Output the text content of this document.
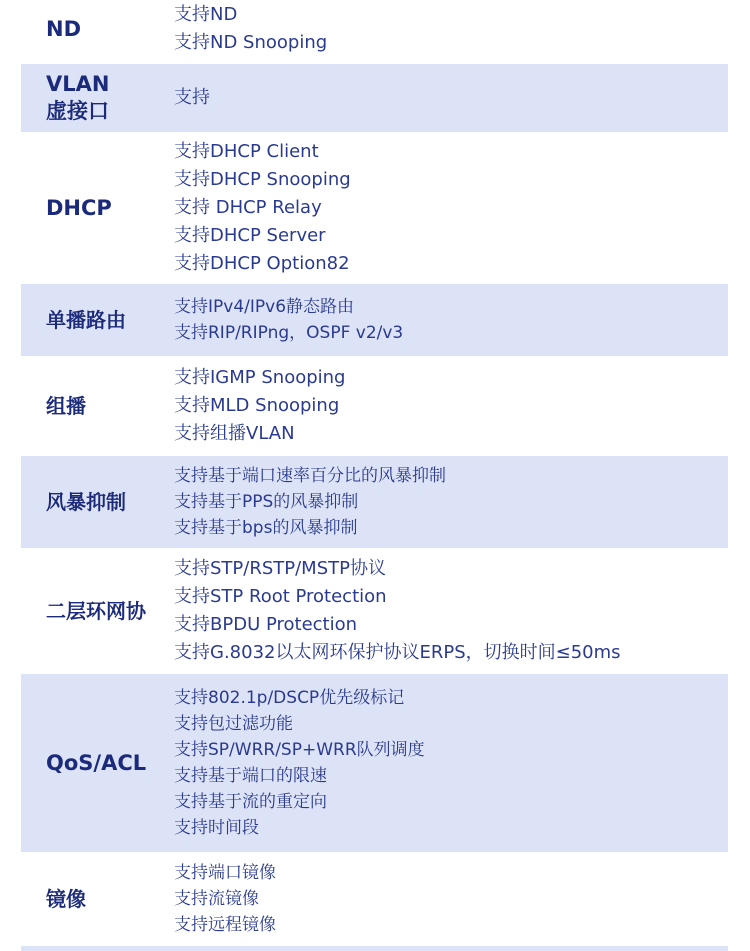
ND
支持ND
支持ND Snooping
VLAN
虚接口
支持
DHCP
支持DHCP Client
支持DHCP Snooping
支持 DHCP Relay
支持DHCP Server
支持DHCP Option82
单播路由
支持IPv4/IPv6静态路由
支持RIP/RIPng，OSPF v2/v3
组播
支持IGMP Snooping
支持MLD Snooping
支持组播VLAN
风暴抑制
支持基于端口速率百分比的风暴抑制
支持基于PPS的风暴抑制
支持基于bps的风暴抑制
二层环网协
支持STP/RSTP/MSTP协议
支持STP Root Protection
支持BPDU Protection
支持G.8032以太网环保护协议ERPS，切换时间≤50ms
QoS/ACL
支持802.1p/DSCP优先级标记
支持包过滤功能
支持SP/WRR/SP+WRR队列调度
支持基于端口的限速
支持基于流的重定向
支持时间段
镜像
支持端口镜像
支持流镜像
支持远程镜像
